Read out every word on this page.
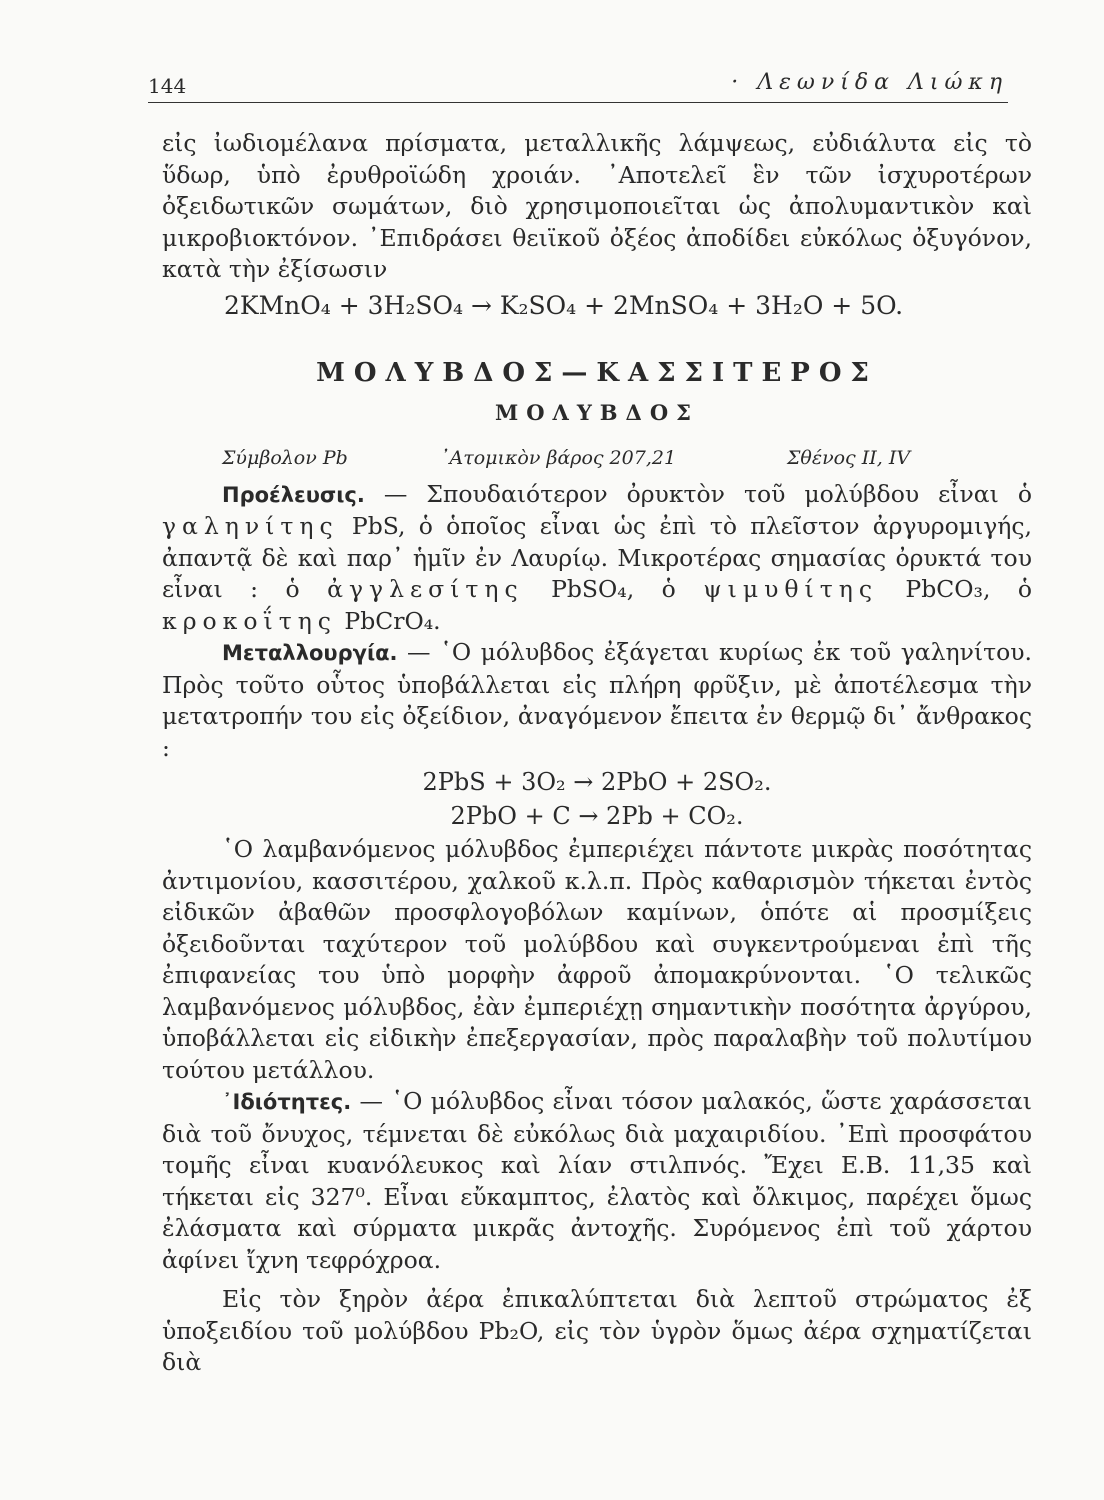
144	· Λεωνίδα Λιώκη

εἰς ἰωδιομέλανα πρίσματα, μεταλλικῆς λάμψεως, εὐδιάλυτα εἰς τὸ ὕδωρ, ὑπὸ ἐρυθροϊώδη χροιάν. ᾿Αποτελεῖ ἓν τῶν ἰσχυροτέρων ὀξειδωτικῶν σωμάτων, διὸ χρησιμοποιεῖται ὡς ἀπολυμαντικὸν καὶ μικροβιοκτόνον. ᾿Επιδράσει θειϊκοῦ ὀξέος ἀποδίδει εὐκόλως ὀξυγόνον, κατὰ τὴν ἐξίσωσιν

2KMnO₄ + 3H₂SO₄ → K₂SO₄ + 2MnSO₄ + 3H₂O + 5O.
ΜΟΛΥΒΔΟΣ—ΚΑΣΣΙΤΕΡΟΣ
ΜΟΛΥΒΔΟΣ
Σύμβολον Pb	᾿Ατομικὸν βάρος 207,21	Σθένος II, IV

Προέλευσις. — Σπουδαιότερον ὀρυκτὸν τοῦ μολύβδου εἶναι ὁ γαληνίτης PbS, ὁ ὁποῖος εἶναι ὡς ἐπὶ τὸ πλεῖστον ἀργυρομιγής, ἀπαντᾷ δὲ καὶ παρ᾿ ἡμῖν ἐν Λαυρίῳ. Μικροτέρας σημασίας ὀρυκτά του εἶναι : ὁ ἀγγλεσίτης PbSO₄, ὁ ψιμυθίτης PbCO₃, ὁ κροκοΐτης PbCrO₄.

Μεταλλουργία. — ῾Ο μόλυβδος ἐξάγεται κυρίως ἐκ τοῦ γαληνίτου. Πρὸς τοῦτο οὗτος ὑποβάλλεται εἰς πλήρη φρῦξιν, μὲ ἀποτέλεσμα τὴν μετατροπήν του εἰς ὀξείδιον, ἀναγόμενον ἔπειτα ἐν θερμῷ δι᾿ ἄνθρακος :

2PbS + 3O₂ → 2PbO + 2SO₂.
2PbO + C → 2Pb + CO₂.

῾Ο λαμβανόμενος μόλυβδος ἐμπεριέχει πάντοτε μικρὰς ποσότητας ἀντιμονίου, κασσιτέρου, χαλκοῦ κ.λ.π. Πρὸς καθαρισμὸν τήκεται ἐντὸς εἰδικῶν ἀβαθῶν προσφλογοβόλων καμίνων, ὁπότε αἱ προσμίξεις ὀξειδοῦνται ταχύτερον τοῦ μολύβδου καὶ συγκεντρούμεναι ἐπὶ τῆς ἐπιφανείας του ὑπὸ μορφὴν ἀφροῦ ἀπομακρύνονται. ῾Ο τελικῶς λαμβανόμενος μόλυβδος, ἐὰν ἐμπεριέχῃ σημαντικὴν ποσότητα ἀργύρου, ὑποβάλλεται εἰς εἰδικὴν ἐπεξεργασίαν, πρὸς παραλαβὴν τοῦ πολυτίμου τούτου μετάλλου.

᾿Ιδιότητες. — ῾Ο μόλυβδος εἶναι τόσον μαλακός, ὥστε χαράσσεται διὰ τοῦ ὄνυχος, τέμνεται δὲ εὐκόλως διὰ μαχαιριδίου. ᾿Επὶ προσφάτου τομῆς εἶναι κυανόλευκος καὶ λίαν στιλπνός. Ἔχει Ε.Β. 11,35 καὶ τήκεται εἰς 327⁰. Εἶναι εὔκαμπτος, ἐλατὸς καὶ ὄλκιμος, παρέχει ὅμως ἐλάσματα καὶ σύρματα μικρᾶς ἀντοχῆς. Συρόμενος ἐπὶ τοῦ χάρτου ἀφίνει ἴχνη τεφρόχροα.

Εἰς τὸν ξηρὸν ἀέρα ἐπικαλύπτεται διὰ λεπτοῦ στρώματος ἐξ ὑποξειδίου τοῦ μολύβδου Pb₂O, εἰς τὸν ὑγρὸν ὅμως ἀέρα σχηματίζεται διὰ
